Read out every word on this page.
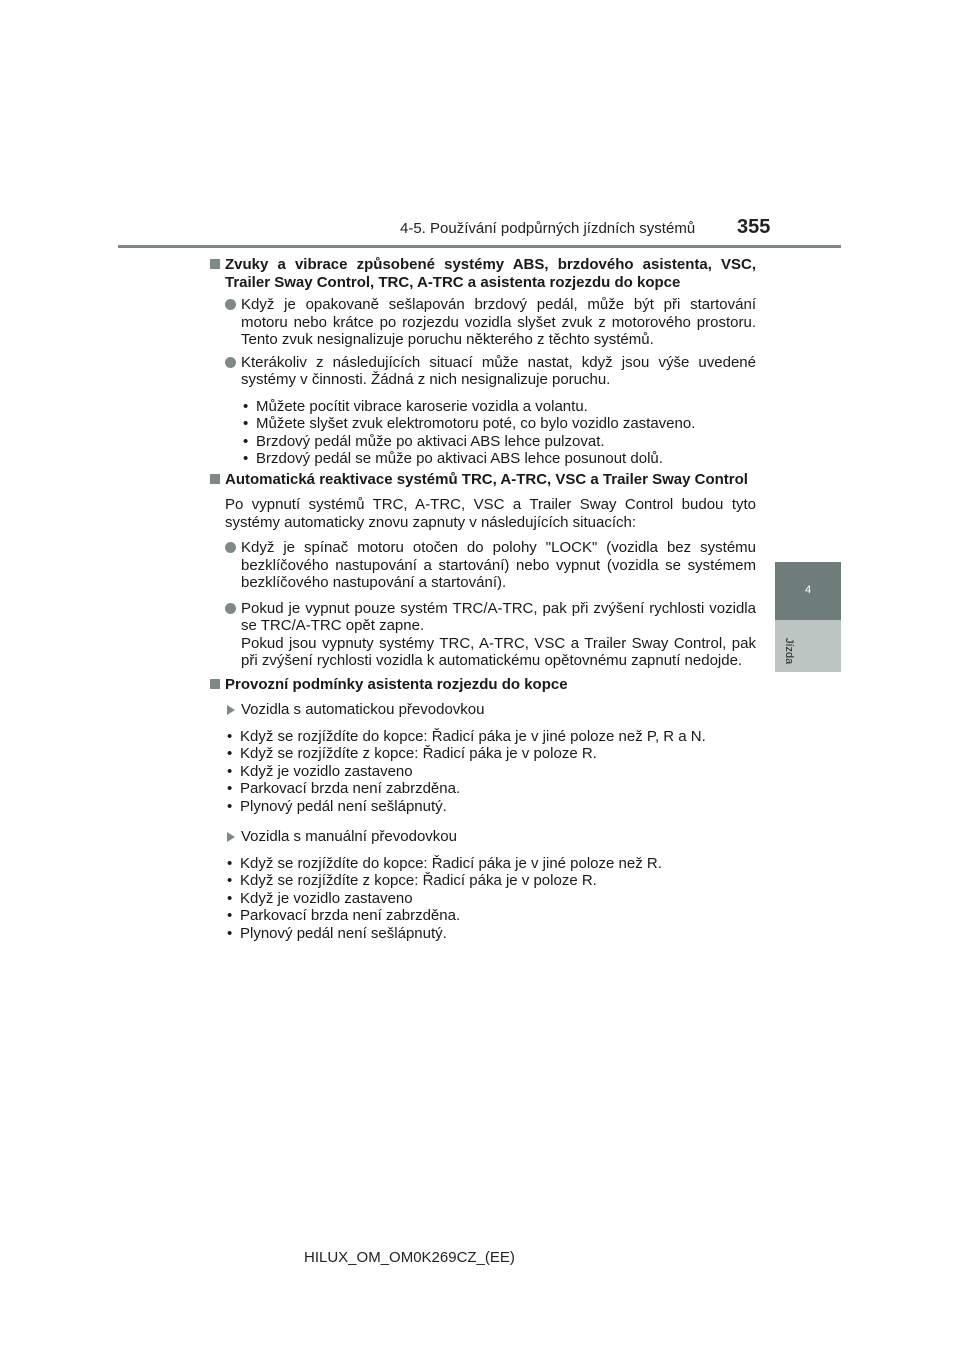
4-5. Používání podpůrných jízdních systémů 355
4
Jízda
Zvuky a vibrace způsobené systémy ABS, brzdového asistenta, VSC, Trailer Sway Control, TRC, A-TRC a asistenta rozjezdu do kopce
Když je opakovaně sešlapován brzdový pedál, může být při startování motoru nebo krátce po rozjezdu vozidla slyšet zvuk z motorového prostoru. Tento zvuk nesignalizuje poruchu některého z těchto systémů.
Kterákoliv z následujících situací může nastat, když jsou výše uvedené systémy v činnosti. Žádná z nich nesignalizuje poruchu.
• Můžete pocítit vibrace karoserie vozidla a volantu.
• Můžete slyšet zvuk elektromotoru poté, co bylo vozidlo zastaveno.
• Brzdový pedál může po aktivaci ABS lehce pulzovat.
• Brzdový pedál se může po aktivaci ABS lehce posunout dolů.
Automatická reaktivace systémů TRC, A-TRC, VSC a Trailer Sway Control
Po vypnutí systémů TRC, A-TRC, VSC a Trailer Sway Control budou tyto systémy automaticky znovu zapnuty v následujících situacích:
Když je spínač motoru otočen do polohy "LOCK" (vozidla bez systému bezklíčového nastupování a startování) nebo vypnut (vozidla se systémem bezklíčového nastupování a startování).
Pokud je vypnut pouze systém TRC/A-TRC, pak při zvýšení rychlosti vozidla se TRC/A-TRC opět zapne.
Pokud jsou vypnuty systémy TRC, A-TRC, VSC a Trailer Sway Control, pak při zvýšení rychlosti vozidla k automatickému opětovnému zapnutí nedojde.
Provozní podmínky asistenta rozjezdu do kopce
Vozidla s automatickou převodovkou
• Když se rozjíždíte do kopce: Řadicí páka je v jiné poloze než P, R a N.
• Když se rozjíždíte z kopce: Řadicí páka je v poloze R.
• Když je vozidlo zastaveno
• Parkovací brzda není zabrzděna.
• Plynový pedál není sešlápnutý.
Vozidla s manuální převodovkou
• Když se rozjíždíte do kopce: Řadicí páka je v jiné poloze než R.
• Když se rozjíždíte z kopce: Řadicí páka je v poloze R.
• Když je vozidlo zastaveno
• Parkovací brzda není zabrzděna.
• Plynový pedál není sešlápnutý.
HILUX_OM_OM0K269CZ_(EE)
